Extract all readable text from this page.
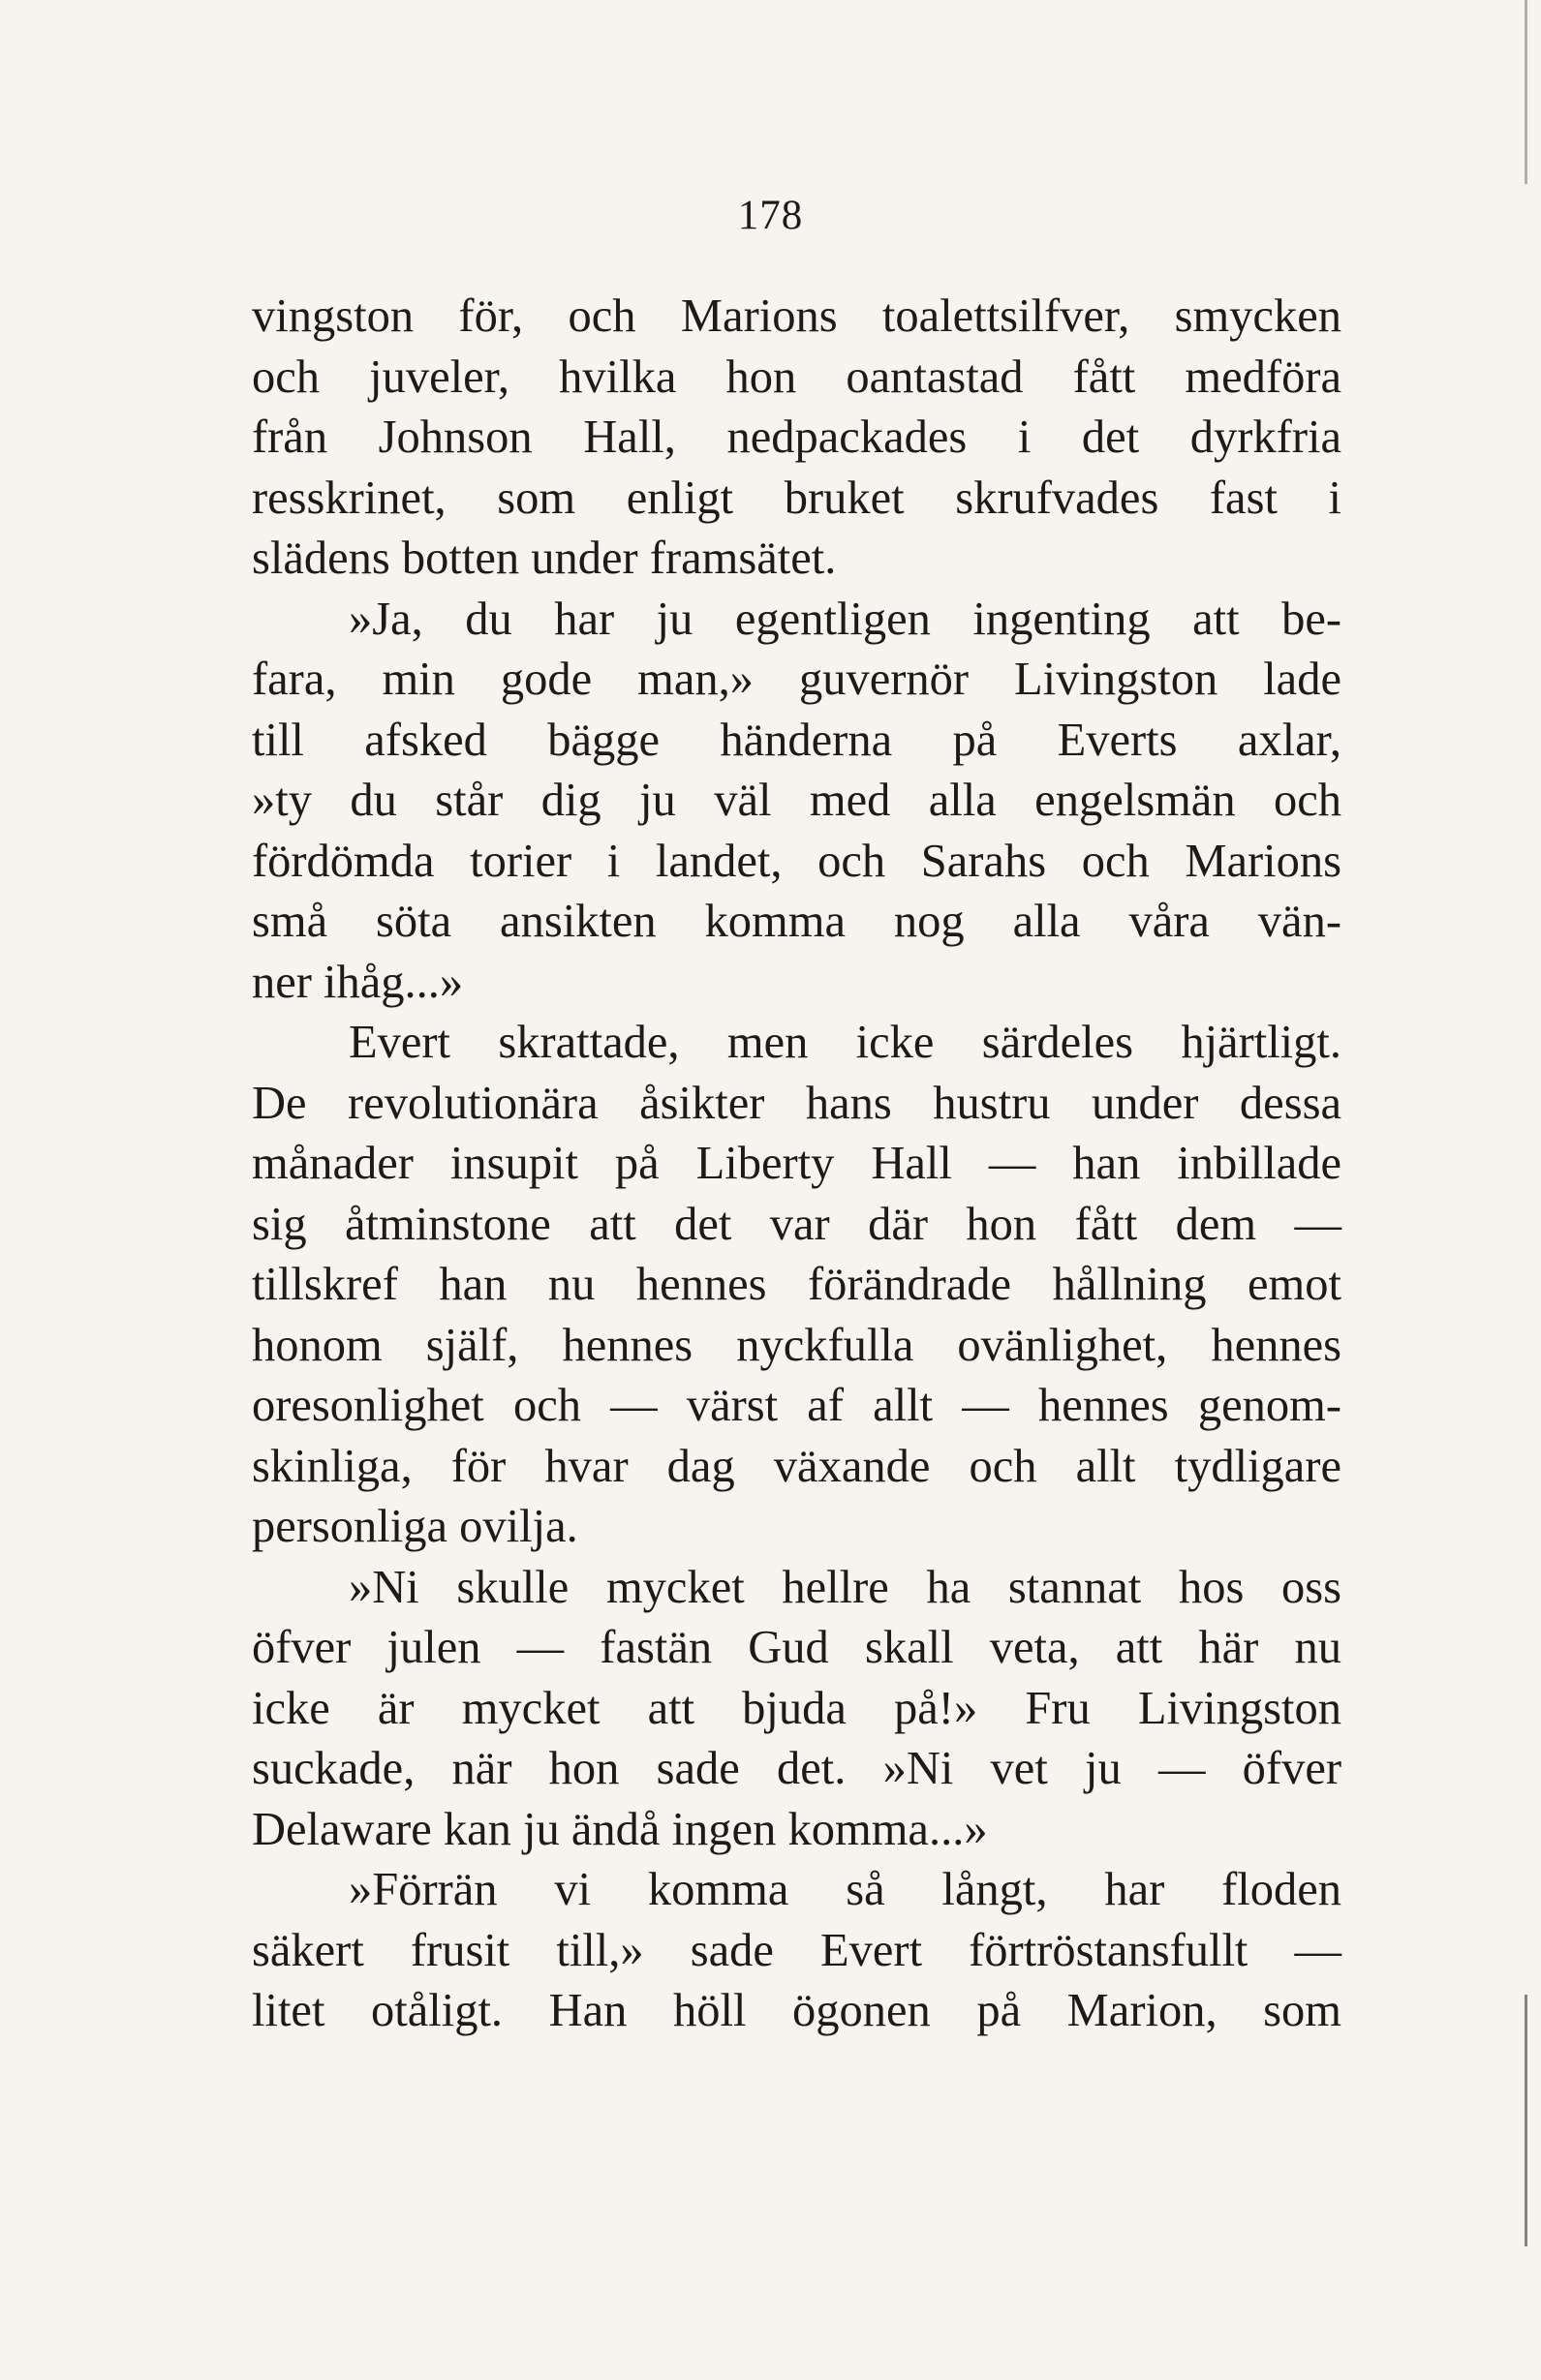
178
vingston för, och Marions toalettsilfver, smycken
och juveler, hvilka hon oantastad fått medföra
från Johnson Hall, nedpackades i det dyrkfria
resskrinet, som enligt bruket skrufvades fast i
slädens botten under framsätet.
»Ja, du har ju egentligen ingenting att be-
fara, min gode man,» guvernör Livingston lade
till afsked bägge händerna på Everts axlar,
»ty du står dig ju väl med alla engelsmän och
fördömda torier i landet, och Sarahs och Marions
små söta ansikten komma nog alla våra vän-
ner ihåg...»
Evert skrattade, men icke särdeles hjärtligt.
De revolutionära åsikter hans hustru under dessa
månader insupit på Liberty Hall — han inbillade
sig åtminstone att det var där hon fått dem —
tillskref han nu hennes förändrade hållning emot
honom själf, hennes nyckfulla ovänlighet, hennes
oresonlighet och — värst af allt — hennes genom-
skinliga, för hvar dag växande och allt tydligare
personliga ovilja.
»Ni skulle mycket hellre ha stannat hos oss
öfver julen — fastän Gud skall veta, att här nu
icke är mycket att bjuda på!» Fru Livingston
suckade, när hon sade det. »Ni vet ju — öfver
Delaware kan ju ändå ingen komma...»
»Förrän vi komma så långt, har floden
säkert frusit till,» sade Evert förtröstansfullt —
litet otåligt. Han höll ögonen på Marion, som
